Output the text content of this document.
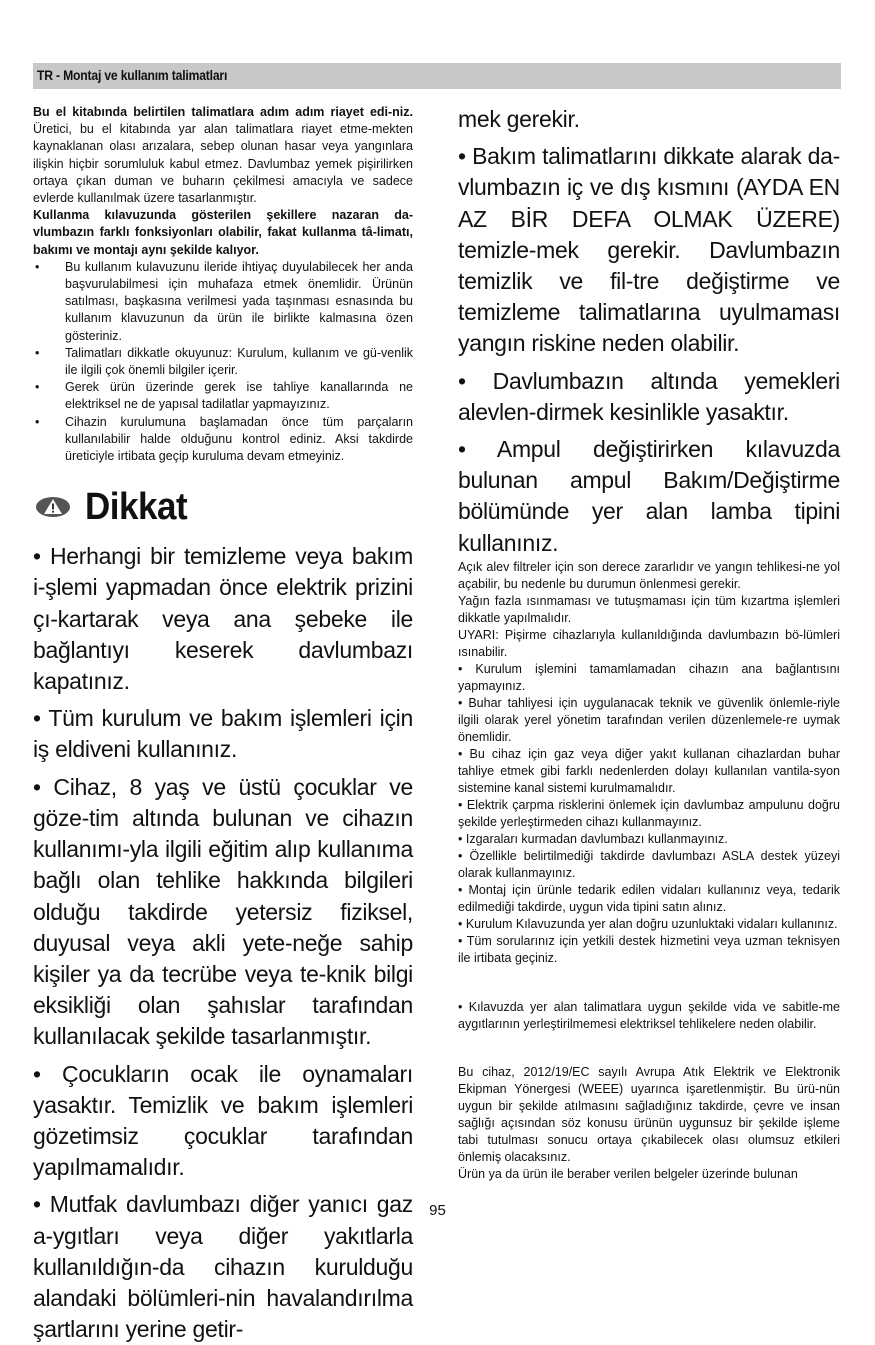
TR - Montaj ve kullanım talimatları

Bu el kitabında belirtilen talimatlara adım adım riayet edi-niz. Üretici, bu el kitabında yar alan talimatlara riayet etme-mekten kaynaklanan olası arızalara, sebep olunan hasar veya yangınlara ilişkin hiçbir sorumluluk kabul etmez. Davlumbaz yemek pişirilirken ortaya çıkan duman ve buharın çekilmesi amacıyla ve sadece evlerde kullanılmak üzere tasarlanmıştır.

Kullanma kılavuzunda gösterilen şekillere nazaran da-vlumbazın farklı fonksiyonları olabilir, fakat kullanma tâ-limatı, bakımı ve montajı aynı şekilde kalıyor.

• Bu kullanım kulavuzunu ileride ihtiyaç duyulabilecek her anda başvurulabilmesi için muhafaza etmek önemlidir. Ürünün satılması, başkasına verilmesi yada taşınması esnasında bu kullanım klavuzunun da ürün ile birlikte kalmasına özen gösteriniz.
• Talimatları dikkatle okuyunuz: Kurulum, kullanım ve gü-venlik ile ilgili çok önemli bilgiler içerir.
• Gerek ürün üzerinde gerek ise tahliye kanallarında ne elektriksel ne de yapısal tadilatlar yapmayızınız.
• Cihazin kurulumuna başlamadan önce tüm parçaların kullanılabilir halde olduğunu kontrol ediniz. Aksi takdirde üreticiyle irtibata geçip kuruluma devam etmeyiniz.
Dikkat

• Herhangi bir temizleme veya bakım i-şlemi yapmadan önce elektrik prizini çı-kartarak veya ana şebeke ile bağlantıyı keserek davlumbazı kapatınız.

• Tüm kurulum ve bakım işlemleri için iş eldiveni kullanınız.

• Cihaz, 8 yaş ve üstü çocuklar ve göze-tim altında bulunan ve cihazın kullanımı-yla ilgili eğitim alıp kullanıma bağlı olan tehlike hakkında bilgileri olduğu takdirde yetersiz fiziksel, duyusal veya akli yete-neğe sahip kişiler ya da tecrübe veya te-knik bilgi eksikliği olan şahıslar tarafından kullanılacak şekilde tasarlanmıştır.

• Çocukların ocak ile oynamaları yasaktır. Temizlik ve bakım işlemleri gözetimsiz çocuklar tarafından yapılmamalıdır.

• Mutfak davlumbazı diğer yanıcı gaz a-ygıtları veya diğer yakıtlarla kullanıldığın-da cihazın kurulduğu alandaki bölümleri-nin havalandırılma şartlarını yerine getir-

mek gerekir.

• Bakım talimatlarını dikkate alarak da-vlumbazın iç ve dış kısmını (AYDA EN AZ BİR DEFA OLMAK ÜZERE) temizle-mek gerekir. Davlumbazın temizlik ve fil-tre değiştirme ve temizleme talimatlarına uyulmaması yangın riskine neden olabilir.

• Davlumbazın altında yemekleri alevlen-dirmek kesinlikle yasaktır.

• Ampul değiştirirken kılavuzda bulunan ampul Bakım/Değiştirme bölümünde yer alan lamba tipini kullanınız.

Açık alev filtreler için son derece zararlıdır ve yangın tehlikesi-ne yol açabilir, bu nedenle bu durumun önlenmesi gerekir.

Yağın fazla ısınmaması ve tutuşmaması için tüm kızartma işlemleri dikkatle yapılmalıdır.

UYARI: Pişirme cihazlarıyla kullanıldığında davlumbazın bö-lümleri ısınabilir.

• Kurulum işlemini tamamlamadan cihazın ana bağlantısını yapmayınız.

• Buhar tahliyesi için uygulanacak teknik ve güvenlik önlemle-riyle ilgili olarak yerel yönetim tarafından verilen düzenlemele-re uymak önemlidir.

• Bu cihaz için gaz veya diğer yakıt kullanan cihazlardan buhar tahliye etmek gibi farklı nedenlerden dolayı kullanılan vantila-syon sistemine kanal sistemi kurulmamalıdır.

• Elektrik çarpma risklerini önlemek için davlumbaz ampulunu doğru şekilde yerleştirmeden cihazı kullanmayınız.

• Izgaraları kurmadan davlumbazı kullanmayınız.

• Özellikle belirtilmediği takdirde davlumbazı ASLA destek yüzeyi olarak kullanmayınız.

• Montaj için ürünle tedarik edilen vidaları kullanınız veya, tedarik edilmediği takdirde, uygun vida tipini satın alınız.

• Kurulum Kılavuzunda yer alan doğru uzunluktaki vidaları kullanınız.

• Tüm sorularınız için yetkili destek hizmetini veya uzman teknisyen ile irtibata geçiniz.

• Kılavuzda yer alan talimatlara uygun şekilde vida ve sabitle-me aygıtlarının yerleştirilmemesi elektriksel tehlikelere neden olabilir.

Bu cihaz, 2012/19/EC sayılı Avrupa Atık Elektrik ve Elektronik Ekipman Yönergesi (WEEE) uyarınca işaretlenmiştir. Bu ürü-nün uygun bir şekilde atılmasını sağladığınız takdirde, çevre ve insan sağlığı açısından söz konusu ürünün uygunsuz bir şekilde işleme tabi tutulması sonucu ortaya çıkabilecek olası olumsuz etkileri önlemiş olacaksınız.

Ürün ya da ürün ile beraber verilen belgeler üzerinde bulunan

95
